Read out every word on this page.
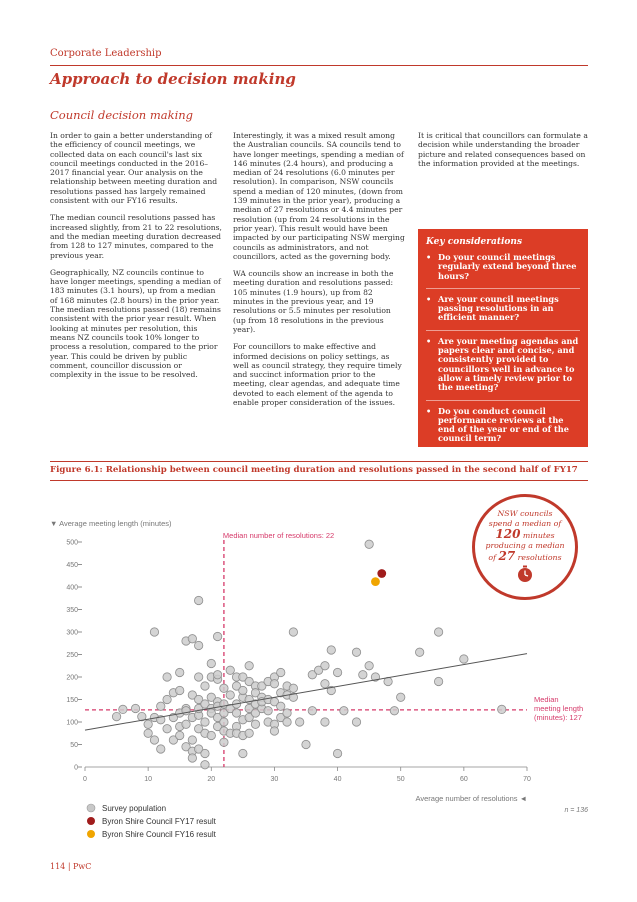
Corporate Leadership
Approach to decision making
Council decision making

In order to gain a better understanding of the efficiency of council meetings, we collected data on each council's last six council meetings conducted in the 2016–2017 financial year. Our analysis on the relationship between meeting duration and resolutions passed has largely remained consistent with our FY16 results.

The median council resolutions passed has increased slightly, from 21 to 22 resolutions, and the median meeting duration decreased from 128 to 127 minutes, compared to the previous year.

Geographically, NZ councils continue to have longer meetings, spending a median of 183 minutes (3.1 hours), up from a median of 168 minutes (2.8 hours) in the prior year. The median resolutions passed (18) remains consistent with the prior year result. When looking at minutes per resolution, this means NZ councils took 10% longer to process a resolution, compared to the prior year. This could be driven by public comment, councillor discussion or complexity in the issue to be resolved.

Interestingly, it was a mixed result among the Australian councils. SA councils tend to have longer meetings, spending a median of 146 minutes (2.4 hours), and producing a median of 24 resolutions (6.0 minutes per resolution). In comparison, NSW councils spend a median of 120 minutes, (down from 139 minutes in the prior year), producing a median of 27 resolutions or 4.4 minutes per resolution (up from 24 resolutions in the prior year). This result would have been impacted by our participating NSW merging councils as administrators, and not councillors, acted as the governing body.

WA councils show an increase in both the meeting duration and resolutions passed: 105 minutes (1.9 hours), up from 82 minutes in the previous year, and 19 resolutions or 5.5 minutes per resolution (up from 18 resolutions in the previous year).

For councillors to make effective and informed decisions on policy settings, as well as council strategy, they require timely and succinct information prior to the meeting, clear agendas, and adequate time devoted to each element of the agenda to enable proper consideration of the issues.

It is critical that councillors can formulate a decision while understanding the broader picture and related consequences based on the information provided at the meetings.

Key considerations
• Do your council meetings regularly extend beyond three hours?
• Are your council meetings passing resolutions in an efficient manner?
• Are your meeting agendas and papers clear and concise, and consistently provided to councillors well in advance to allow a timely review prior to the meeting?
• Do you conduct council performance reviews at the end of the year or end of the council term?
Figure 6.1: Relationship between council meeting duration and resolutions passed in the second half of FY17
▼ Average meeting length (minutes)
0
50
100
150
200
250
300
350
400
450
500
0	10	20	30	40	50	60	70
Average number of resolutions ◄
n = 136
Median number of resolutions: 22
Median
meeting length
(minutes): 127
Survey population
Byron Shire Council FY17 result
Byron Shire Council FY16 result
NSW councils
spend a median of
120 minutes
producing a median
of 27 resolutions
114 | PwC
